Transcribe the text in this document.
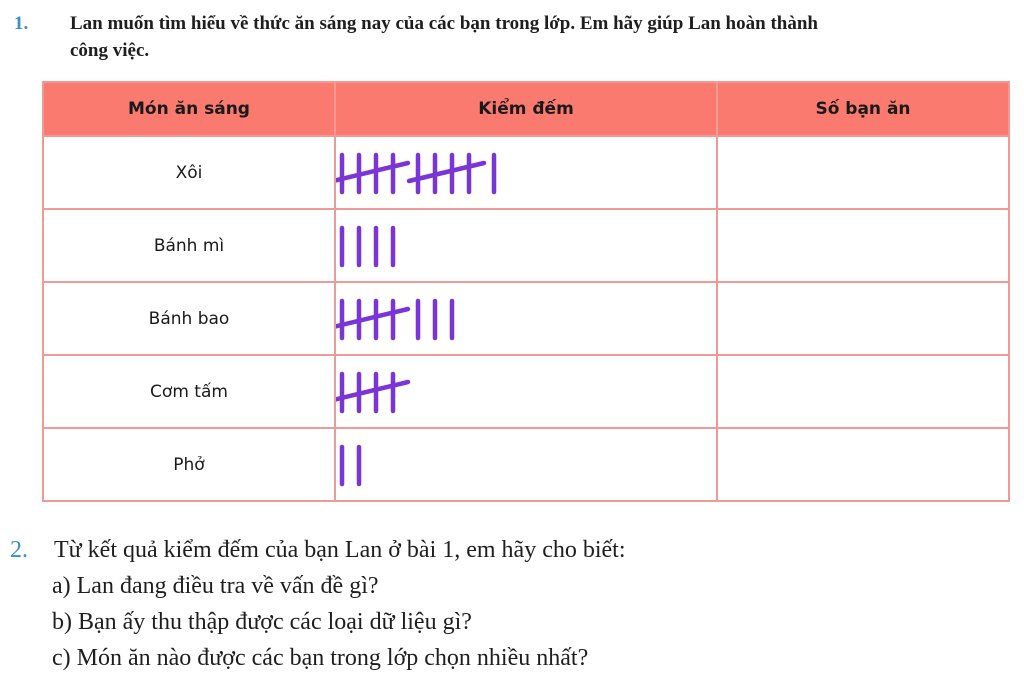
1. Lan muốn tìm hiểu về thức ăn sáng nay của các bạn trong lớp. Em hãy giúp Lan hoàn thành
công việc.
Món ăn sáng	Kiểm đếm	Số bạn ăn
Xôi	

Bánh mì	

Bánh bao	

Cơm tấm	

Phở	

2. Từ kết quả kiểm đếm của bạn Lan ở bài 1, em hãy cho biết:
a) Lan đang điều tra về vấn đề gì?
b) Bạn ấy thu thập được các loại dữ liệu gì?
c) Món ăn nào được các bạn trong lớp chọn nhiều nhất?
